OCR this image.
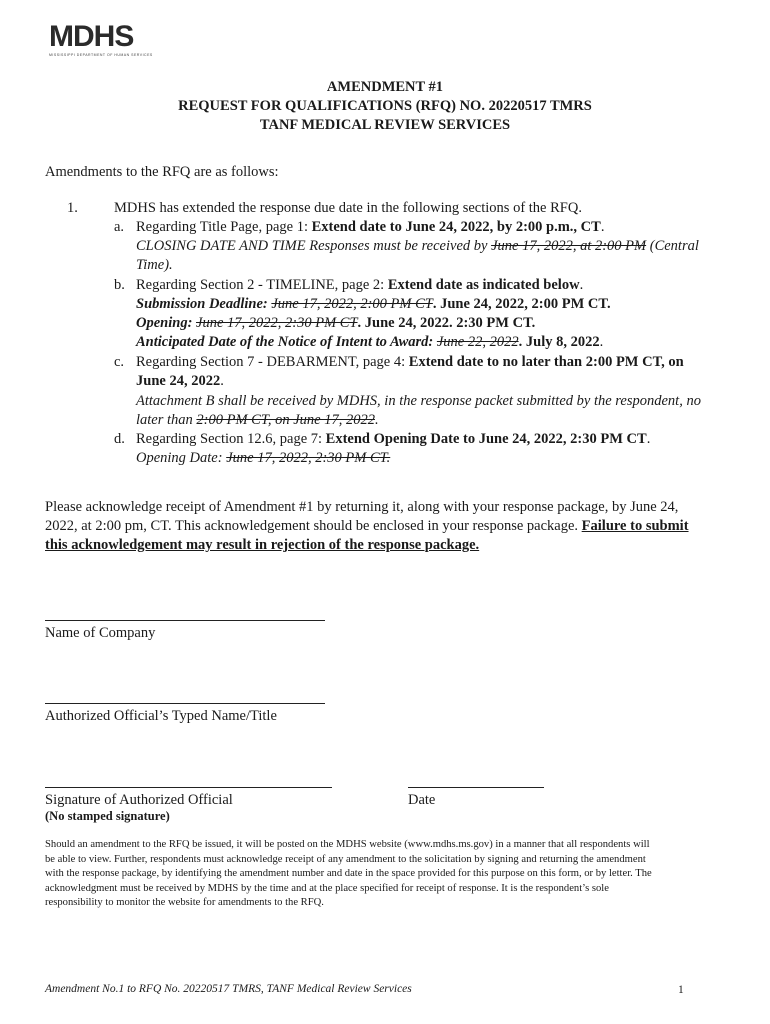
MDHS
MISSISSIPPI DEPARTMENT OF HUMAN SERVICES
AMENDMENT #1
REQUEST FOR QUALIFICATIONS (RFQ) NO. 20220517 TMRS
TANF MEDICAL REVIEW SERVICES
Amendments to the RFQ are as follows:
1. MDHS has extended the response due date in the following sections of the RFQ.
a. Regarding Title Page, page 1: Extend date to June 24, 2022, by 2:00 p.m., CT.
CLOSING DATE AND TIME Responses must be received by June 17, 2022, at 2:00 PM (Central
Time).
b. Regarding Section 2 - TIMELINE, page 2: Extend date as indicated below.
Submission Deadline: June 17, 2022, 2:00 PM CT. June 24, 2022, 2:00 PM CT.
Opening: June 17, 2022, 2:30 PM CT. June 24, 2022. 2:30 PM CT.
Anticipated Date of the Notice of Intent to Award: June 22, 2022. July 8, 2022.
c. Regarding Section 7 - DEBARMENT, page 4: Extend date to no later than 2:00 PM CT, on
June 24, 2022.
Attachment B shall be received by MDHS, in the response packet submitted by the respondent, no
later than 2:00 PM CT, on June 17, 2022.
d. Regarding Section 12.6, page 7: Extend Opening Date to June 24, 2022, 2:30 PM CT.
Opening Date: June 17, 2022, 2:30 PM CT.
Please acknowledge receipt of Amendment #1 by returning it, along with your response package, by June 24,
2022, at 2:00 pm, CT. This acknowledgement should be enclosed in your response package. Failure to submit
this acknowledgement may result in rejection of the response package.
Name of Company
Authorized Official’s Typed Name/Title
Signature of Authorized Official	Date
(No stamped signature)
Should an amendment to the RFQ be issued, it will be posted on the MDHS website (www.mdhs.ms.gov) in a manner that all respondents will
be able to view. Further, respondents must acknowledge receipt of any amendment to the solicitation by signing and returning the amendment
with the response package, by identifying the amendment number and date in the space provided for this purpose on this form, or by letter. The
acknowledgment must be received by MDHS by the time and at the place specified for receipt of response. It is the respondent’s sole
responsibility to monitor the website for amendments to the RFQ.
Amendment No.1 to RFQ No. 20220517 TMRS, TANF Medical Review Services	1
